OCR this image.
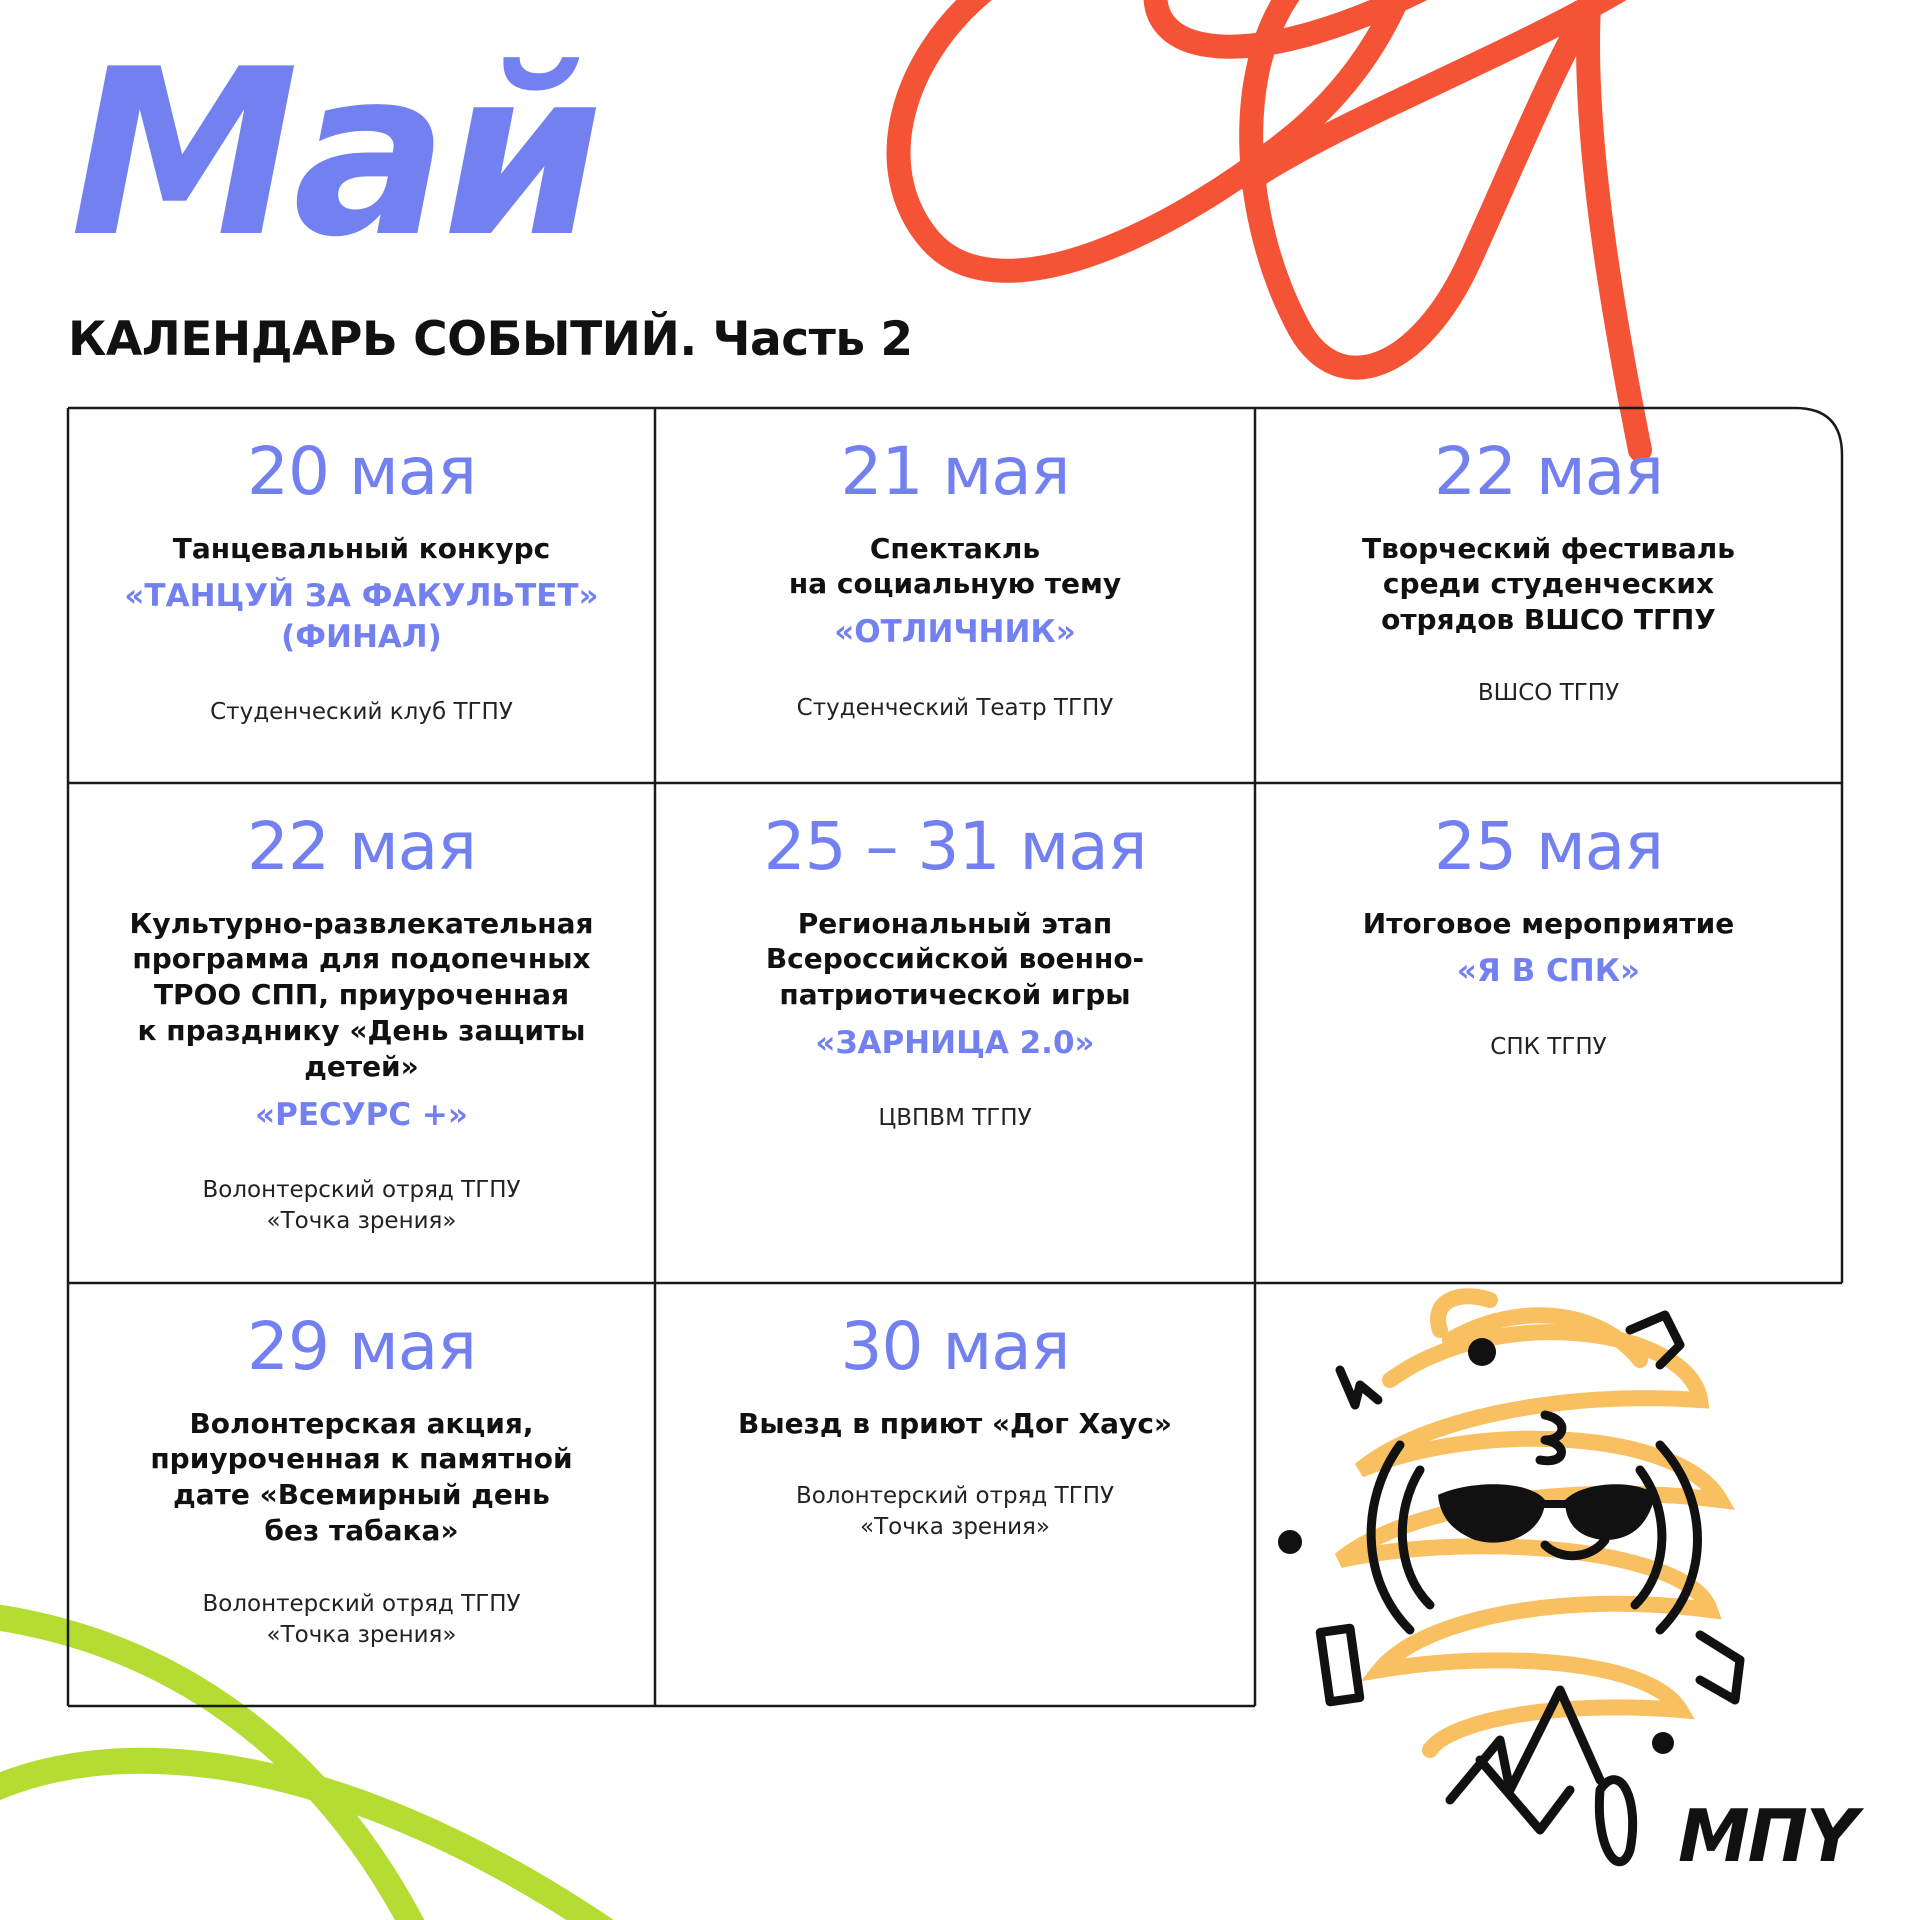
Май
КАЛЕНДАРЬ СОБЫТИЙ. Часть 2
20 мая
Танцевальный конкурс
«ТАНЦУЙ ЗА ФАКУЛЬТЕТ»
(ФИНАЛ)
Студенческий клуб ТГПУ
21 мая
Спектакль
на социальную тему
«ОТЛИЧНИК»
Студенческий Театр ТГПУ
22 мая
Творческий фестиваль
среди студенческих
отрядов ВШСО ТГПУ
ВШСО ТГПУ
22 мая
Культурно-развлекательная
программа для подопечных
ТРОО СПП, приуроченная
к празднику «День защиты
детей»
«РЕСУРС +»
Волонтерский отряд ТГПУ
«Точка зрения»
25 – 31 мая
Региональный этап
Всероссийской военно-
патриотической игры
«ЗАРНИЦА 2.0»
ЦВПВМ ТГПУ
25 мая
Итоговое мероприятие
«Я В СПК»
СПК ТГПУ
29 мая
Волонтерская акция,
приуроченная к памятной
дате «Всемирный день
без табака»
Волонтерский отряд ТГПУ
«Точка зрения»
30 мая
Выезд в приют «Дог Хаус»
Волонтерский отряд ТГПУ
«Точка зрения»
MΠY
